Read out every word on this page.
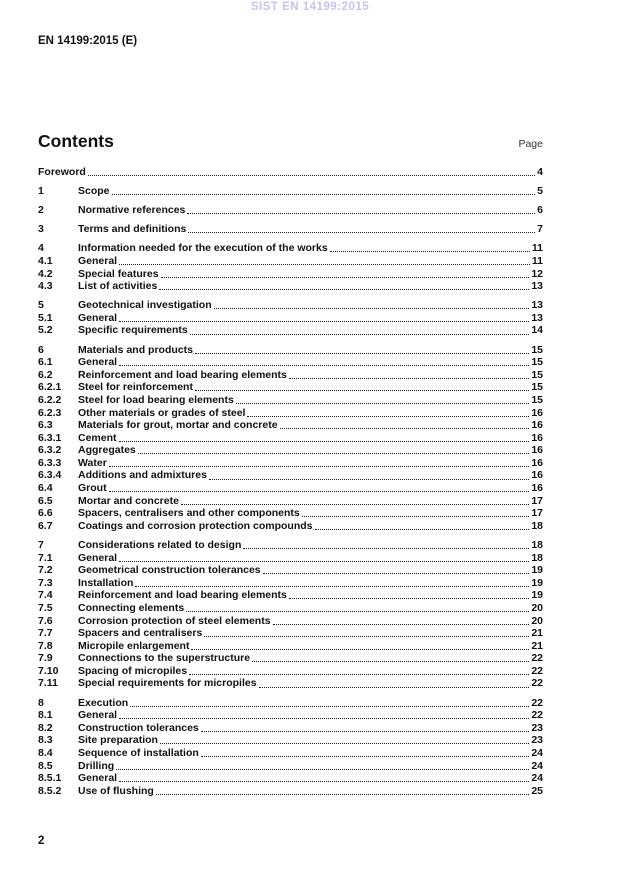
SIST EN 14199:2015
EN 14199:2015 (E)
Contents	Page
Foreword	4
1	Scope	5
2	Normative references	6
3	Terms and definitions	7
4	Information needed for the execution of the works	11
4.1	General	11
4.2	Special features	12
4.3	List of activities	13
5	Geotechnical investigation	13
5.1	General	13
5.2	Specific requirements	14
6	Materials and products	15
6.1	General	15
6.2	Reinforcement and load bearing elements	15
6.2.1	Steel for reinforcement	15
6.2.2	Steel for load bearing elements	15
6.2.3	Other materials or grades of steel	16
6.3	Materials for grout, mortar and concrete	16
6.3.1	Cement	16
6.3.2	Aggregates	16
6.3.3	Water	16
6.3.4	Additions and admixtures	16
6.4	Grout	16
6.5	Mortar and concrete	17
6.6	Spacers, centralisers and other components	17
6.7	Coatings and corrosion protection compounds	18
7	Considerations related to design	18
7.1	General	18
7.2	Geometrical construction tolerances	19
7.3	Installation	19
7.4	Reinforcement and load bearing elements	19
7.5	Connecting elements	20
7.6	Corrosion protection of steel elements	20
7.7	Spacers and centralisers	21
7.8	Micropile enlargement	21
7.9	Connections to the superstructure	22
7.10	Spacing of micropiles	22
7.11	Special requirements for micropiles	22
8	Execution	22
8.1	General	22
8.2	Construction tolerances	23
8.3	Site preparation	23
8.4	Sequence of installation	24
8.5	Drilling	24
8.5.1	General	24
8.5.2	Use of flushing	25
2
